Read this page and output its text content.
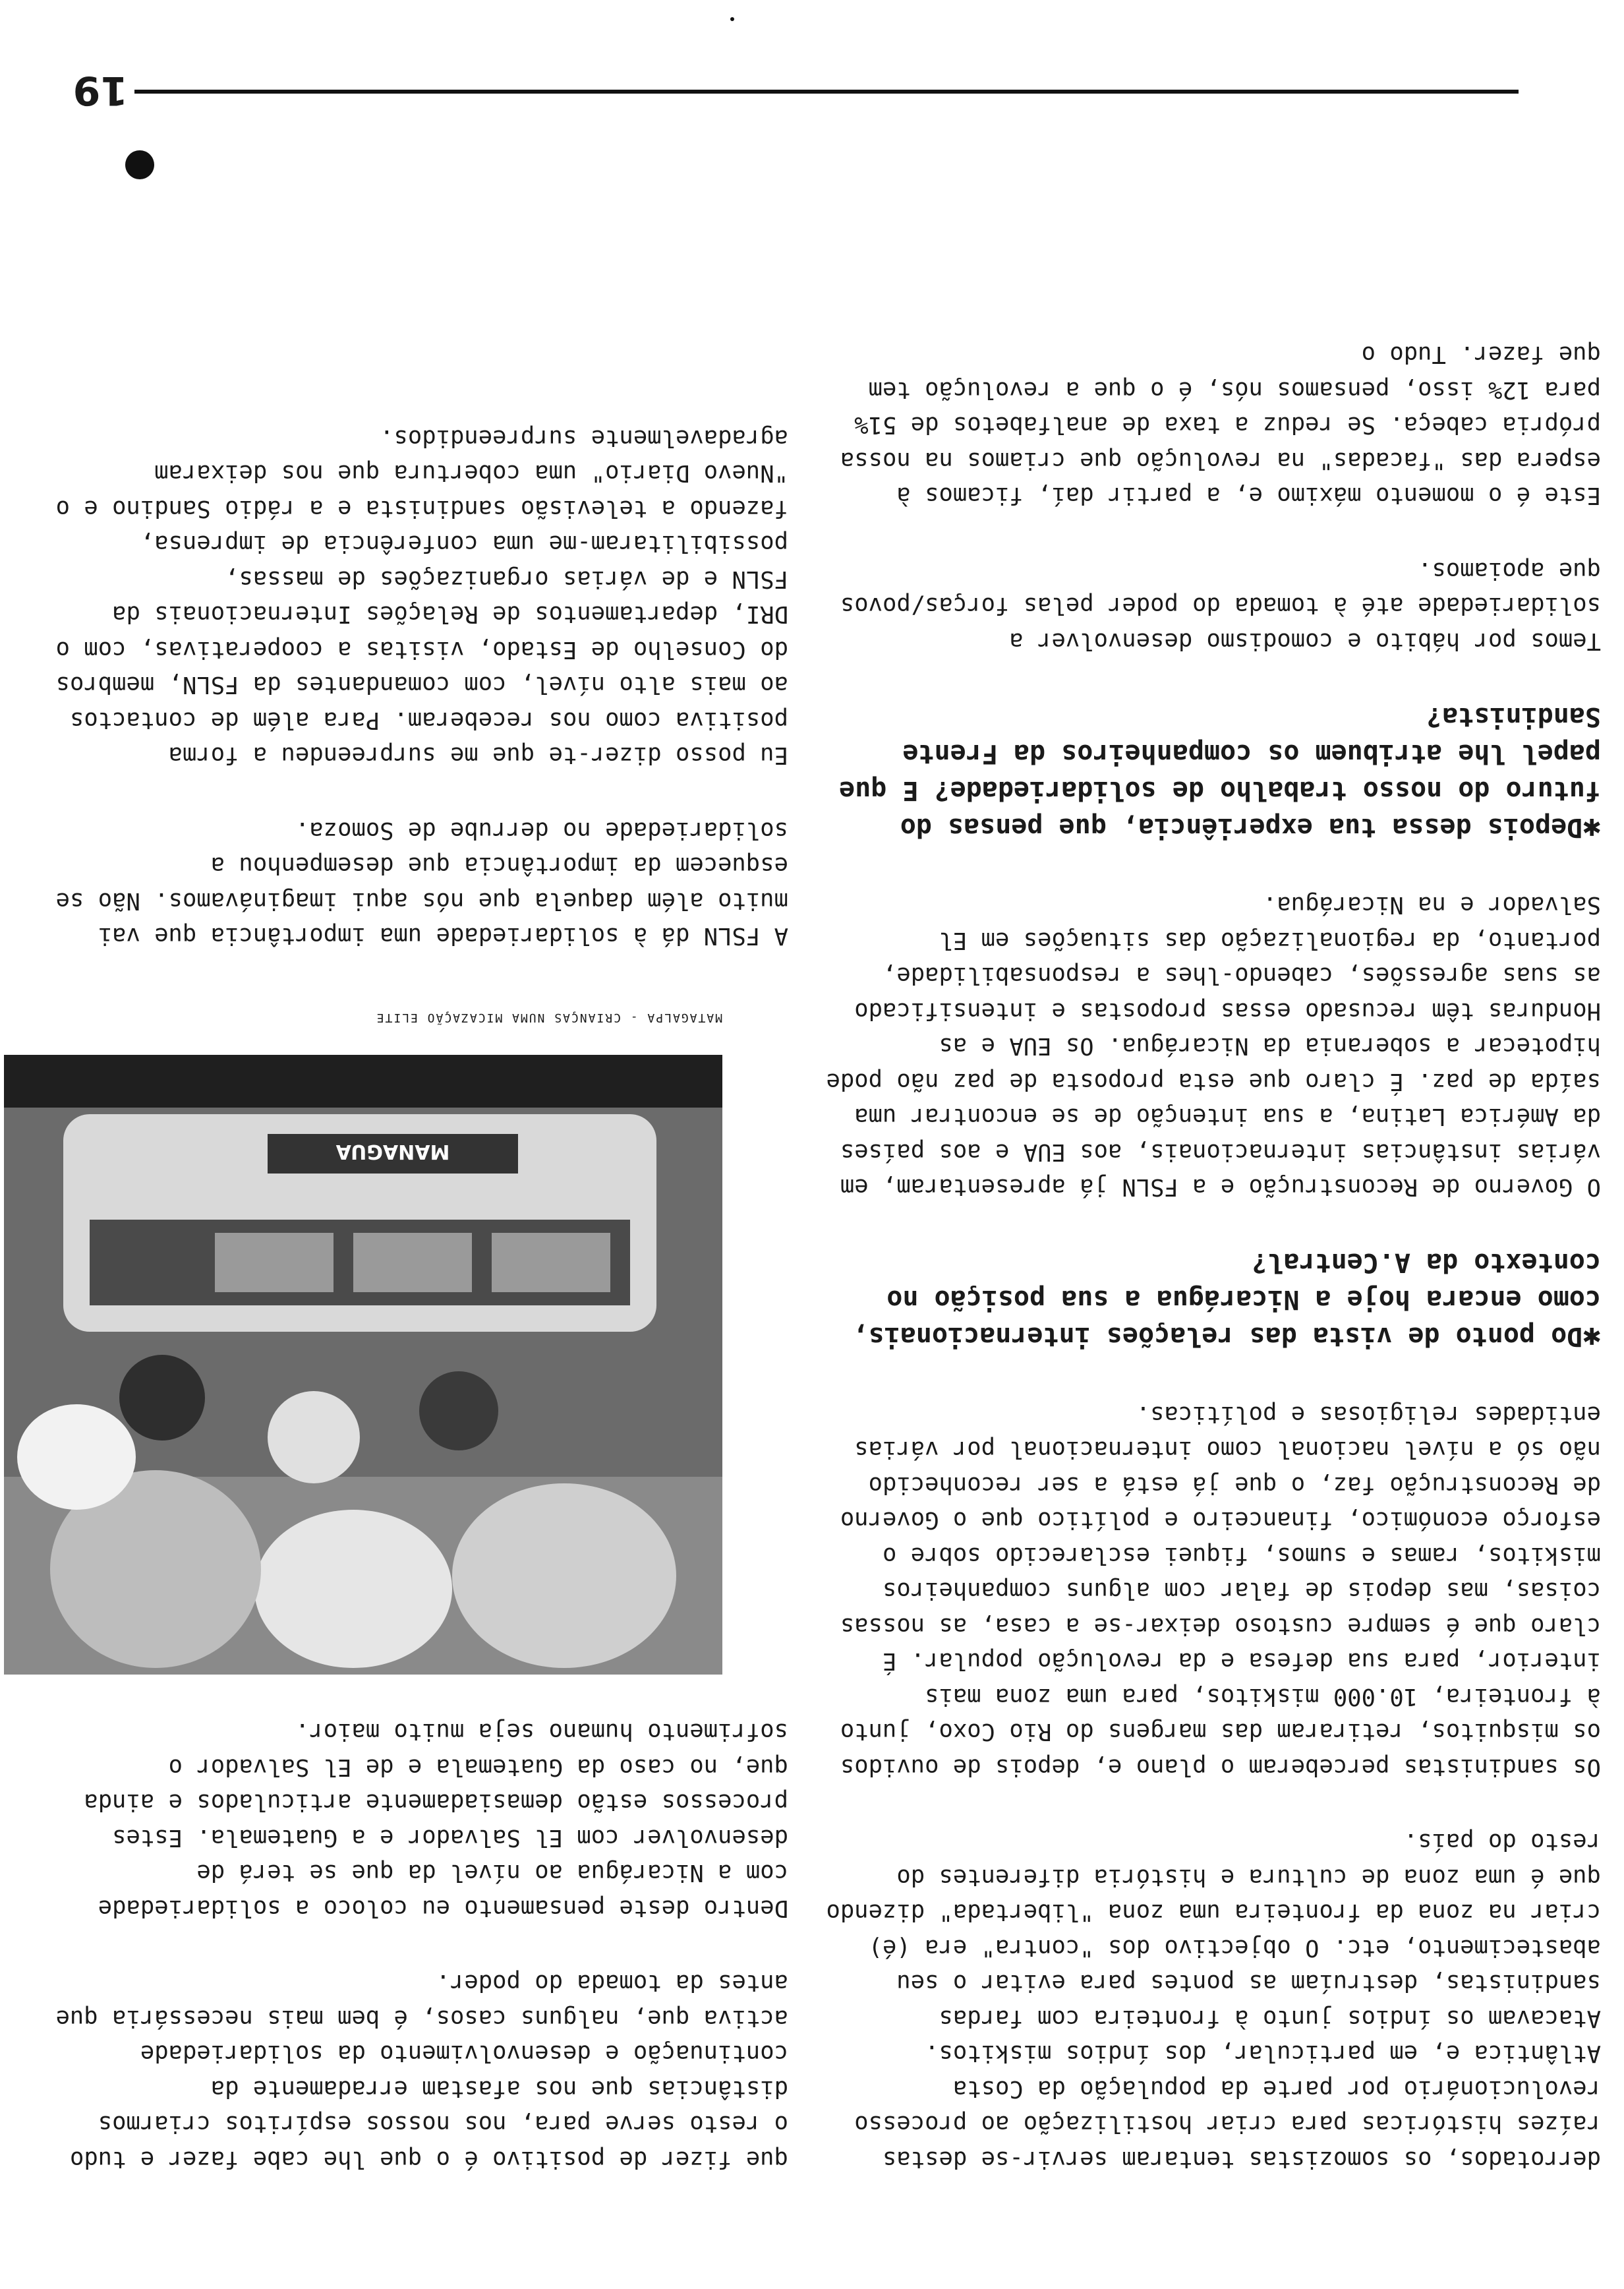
derrotados, os somozistas tentaram servir-se destas raízes históricas para criar hostilização ao processo revolucionário por parte da população da Costa Atlântica e, em particular, dos índios miskitos. Atacavam os índios junto à fronteira com fardas sandinistas, destruíam as pontes para evitar o seu abastecimento, etc. O objectivo dos "contra" era (é) criar na zona da fronteira uma zona "libertada" dizendo que é uma zona de cultura e história diferentes do resto do país.

Os sandinistas perceberam o plano e, depois de ouvidos os misquitos, retiraram das margens do Rio Coxo, junto à fronteira, 10.000 miskitos, para uma zona mais interior, para sua defesa e da revolução popular. É claro que é sempre custoso deixar-se a casa, as nossas coisas, mas depois de falar com alguns companheiros miskitos, ramas e sumos, fiquei esclarecido sobre o esforço económico, financeiro e político que o Governo de Reconstrução faz, o que já está a ser reconhecido não só a nível nacional como internacional por várias entidades religiosas e políticas.

✱Do ponto de vista das relações internacionais, como encara hoje a Nicarágua a sua posição no contexto da A.Central?

O Governo de Reconstrução e a FSLN já apresentaram, em várias instâncias internacionais, aos EUA e aos países da América Latina, a sua intenção de se encontrar uma saída de paz. É claro que esta proposta de paz não pode hipotecar a soberania da Nicarágua. Os EUA e as Honduras têm recusado essas propostas e intensificado as suas agressões, cabendo-lhes a responsabilidade, portanto, da regionalização das situações em El Salvador e na Nicarágua.

✱Depois dessa tua experiência, que pensas do futuro do nosso trabalho de solidariedade? E que papel lhe atribuem os companheiros da Frente Sandinista?

Temos por hábito e comodismo desenvolver a solidariedade até à tomada do poder pelas forças/povos que apoiamos.

Este é o momento máximo e, a partir daí, ficamos à espera das "facadas" na revolução que criamos na nossa própria cabeça. Se reduz a taxa de analfabetos de 51% para 12% isso, pensamos nós, é o que a revolução tem que fazer. Tudo o

que fizer de positivo é o que lhe cabe fazer e tudo o resto serve para, nos nossos espíritos criarmos distâncias que nos afastam erradamente da continuação e desenvolvimento da solidariedade activa que, nalguns casos, é bem mais necessária que antes da tomada do poder.

Dentro deste pensamento eu coloco a solidariedade com a Nicarágua ao nível da que se terá de desenvolver com El Salvador e a Guatemala. Estes processos estão demasiadamente articulados e ainda que, no caso da Guatemala e de El Salvador o sofrimento humano seja muito maior.

MANAGUA
MATAGALPA - CRIANÇAS NUMA MICAZAÇÃO ELITE

A FSLN dá à solidariedade uma importância que vai muito além daquela que nós aqui imaginávamos. Não se esquecem da importância que desempenhou a solidariedade no derrube de Somoza.

Eu posso dizer-te que me surpreendeu a forma positiva como nos receberam. Para além de contactos ao mais alto nível, com comandantes da FSLN, membros do Conselho de Estado, visitas a cooperativas, com o DRI, departamentos de Relações Internacionais da FSLN e de várias organizações de massas, possibilitaram-me uma conferência de imprensa, fazendo a televisão sandinista e a rádio Sandino e o "Nuevo Diario" uma cobertura que nos deixaram agradavelmente surpreendidos.

19
